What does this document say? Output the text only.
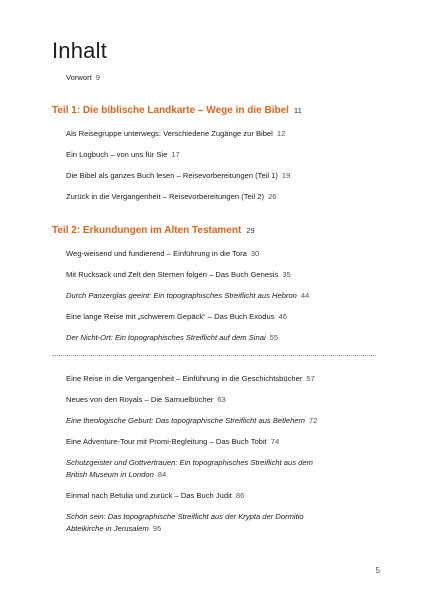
Inhalt
Vorwort 9
Teil 1: Die biblische Landkarte – Wege in die Bibel 11
Als Reisegruppe unterwegs: Verschiedene Zugänge zur Bibel 12
Ein Logbuch – von uns für Sie 17
Die Bibel als ganzes Buch lesen – Reisevorbereitungen (Teil 1) 19
Zurück in die Vergangenheit – Reisevorbereitungen (Teil 2) 26
Teil 2: Erkundungen im Alten Testament 29
Weg-weisend und fundierend – Einführung in die Tora 30
Mit Rucksack und Zelt den Sternen folgen – Das Buch Genesis 35
Durch Panzerglas geeint: Ein topographisches Streiflicht aus Hebron 44
Eine lange Reise mit „schwerem Gepäck“ – Das Buch Exodus 46
Der Nicht-Ort: Ein topographisches Streiflicht auf dem Sinai 55
Eine Reise in die Vergangenheit – Einführung in die Geschichtsbücher 57
Neues von den Royals – Die Samuelbücher 63
Eine theologische Geburt: Das topographische Streiflicht aus Betlehem 72
Eine Adventure-Tour mit Promi-Begleitung – Das Buch Tobit 74
Schutzgeister und Gottvertrauen: Ein topographisches Streiflicht aus dem
British Museum in London 84
Einmal nach Betulia und zurück – Das Buch Judit 86
Schön sein: Das topographische Streiflicht aus der Krypta der Dormitio
Abteikirche in Jerusalem 95
5
